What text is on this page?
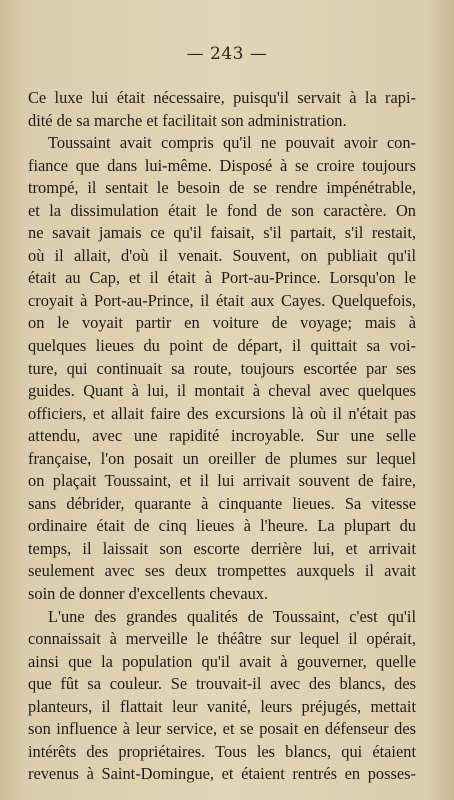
— 243 —
Ce luxe lui était nécessaire, puisqu'il servait à la rapi-
dité de sa marche et facilitait son administration.
Toussaint avait compris qu'il ne pouvait avoir con-
fiance que dans lui-même. Disposé à se croire toujours
trompé, il sentait le besoin de se rendre impénétrable,
et la dissimulation était le fond de son caractère. On
ne savait jamais ce qu'il faisait, s'il partait, s'il restait,
où il allait, d'où il venait. Souvent, on publiait qu'il
était au Cap, et il était à Port-au-Prince. Lorsqu'on le
croyait à Port-au-Prince, il était aux Cayes. Quelquefois,
on le voyait partir en voiture de voyage; mais à
quelques lieues du point de départ, il quittait sa voi-
ture, qui continuait sa route, toujours escortée par ses
guides. Quant à lui, il montait à cheval avec quelques
officiers, et allait faire des excursions là où il n'était pas
attendu, avec une rapidité incroyable. Sur une selle
française, l'on posait un oreiller de plumes sur lequel
on plaçait Toussaint, et il lui arrivait souvent de faire,
sans débrider, quarante à cinquante lieues. Sa vitesse
ordinaire était de cinq lieues à l'heure. La plupart du
temps, il laissait son escorte derrière lui, et arrivait
seulement avec ses deux trompettes auxquels il avait
soin de donner d'excellents chevaux.
L'une des grandes qualités de Toussaint, c'est qu'il
connaissait à merveille le théâtre sur lequel il opérait,
ainsi que la population qu'il avait à gouverner, quelle
que fût sa couleur. Se trouvait-il avec des blancs, des
planteurs, il flattait leur vanité, leurs préjugés, mettait
son influence à leur service, et se posait en défenseur des
intérêts des propriétaires. Tous les blancs, qui étaient
revenus à Saint-Domingue, et étaient rentrés en posses-
